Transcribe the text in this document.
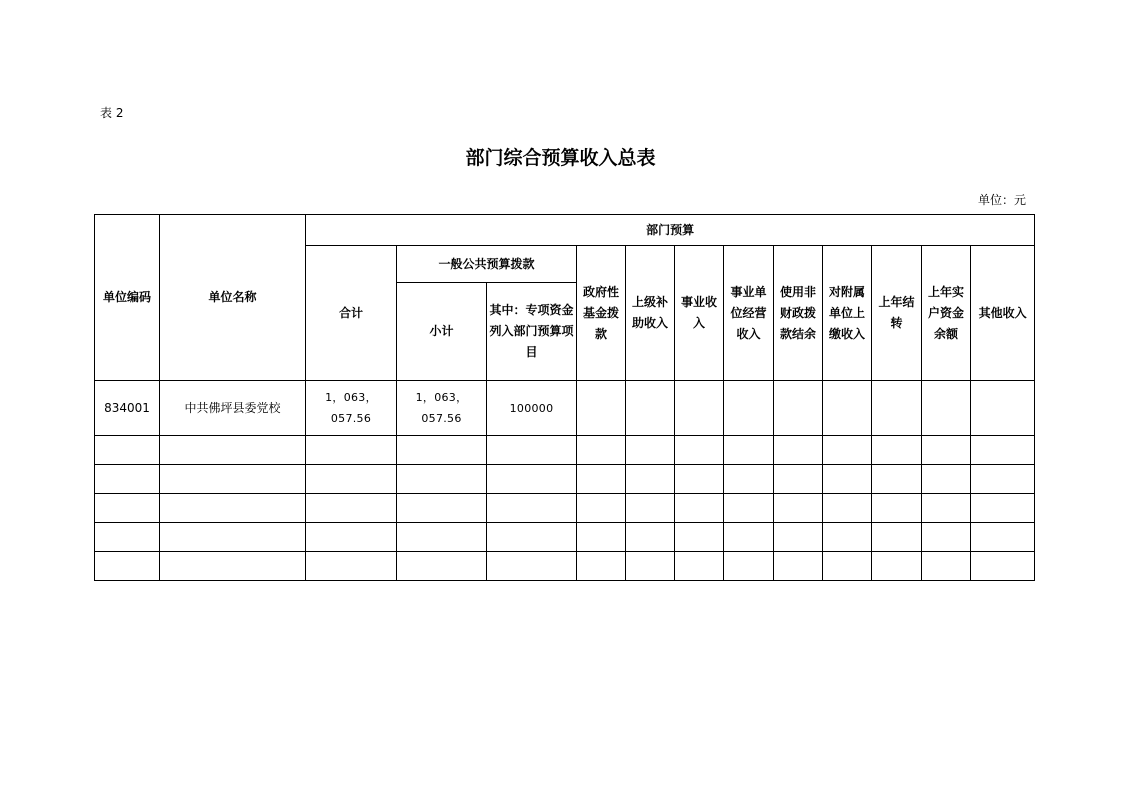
表 2
部门综合预算收入总表
单位：元
单位编码	单位名称	部门预算											
		合计	一般公共预算拨款		政府性基金拨款	上级补助收入	事业收入	事业单位经营收入	使用非财政拨款结余	对附属单位上缴收入	上年结转	上年实户资金余额	其他收入
			小计	其中：专项资金列入部门预算项目									

834001	中共佛坪县委党校	1，063，057.56	1，063，057.56	100000									
